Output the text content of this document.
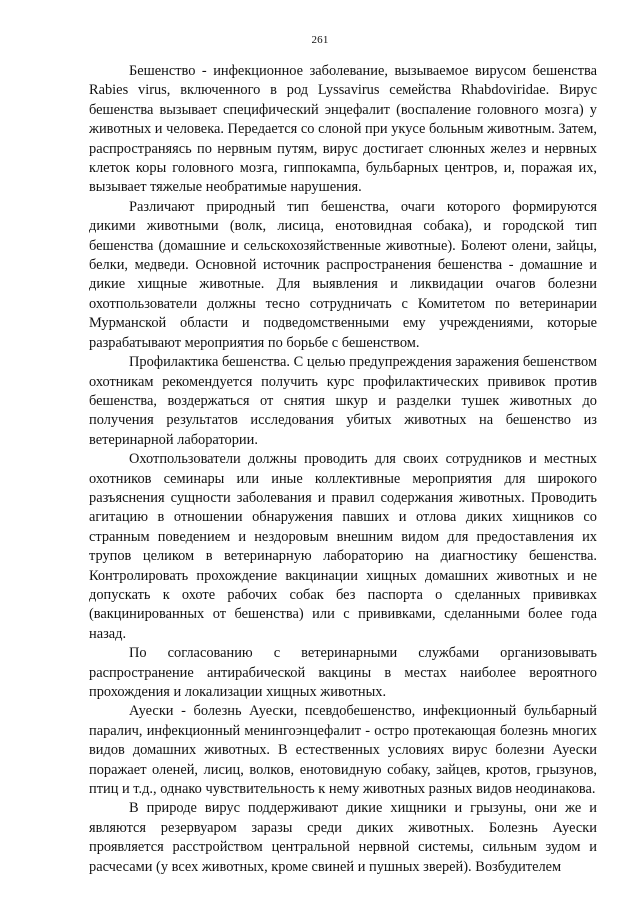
261

Бешенство - инфекционное заболевание, вызываемое вирусом бешенства Rabies virus, включенного в род Lyssavirus семейства Rhabdoviridae. Вирус бешенства вызывает специфический энцефалит (воспаление головного мозга) у животных и человека. Передается со слоной при укусе больным животным. Затем, распространяясь по нервным путям, вирус достигает слюнных желез и нервных клеток коры головного мозга, гиппокампа, бульбарных центров, и, поражая их, вызывает тяжелые необратимые нарушения.

Различают природный тип бешенства, очаги которого формируются дикими животными (волк, лисица, енотовидная собака), и городской тип бешенства (домашние и сельскохозяйственные животные). Болеют олени, зайцы, белки, медведи. Основной источник распространения бешенства - домашние и дикие хищные животные. Для выявления и ликвидации очагов болезни охотпользователи должны тесно сотрудничать с Комитетом по ветеринарии Мурманской области и подведомственными ему учреждениями, которые разрабатывают мероприятия по борьбе с бешенством.

Профилактика бешенства. С целью предупреждения заражения бешенством охотникам рекомендуется получить курс профилактических прививок против бешенства, воздержаться от снятия шкур и разделки тушек животных до получения результатов исследования убитых животных на бешенство из ветеринарной лаборатории.

Охотпользователи должны проводить для своих сотрудников и местных охотников семинары или иные коллективные мероприятия для широкого разъяснения сущности заболевания и правил содержания животных. Проводить агитацию в отношении обнаружения павших и отлова диких хищников со странным поведением и нездоровым внешним видом для предоставления их трупов целиком в ветеринарную лабораторию на диагностику бешенства. Контролировать прохождение вакцинации хищных домашних животных и не допускать к охоте рабочих собак без паспорта о сделанных прививках (вакцинированных от бешенства) или с прививками, сделанными более года назад.

По согласованию с ветеринарными службами организовывать распространение антирабической вакцины в местах наиболее вероятного прохождения и локализации хищных животных.

Ауески - болезнь Ауески, псевдобешенство, инфекционный бульбарный паралич, инфекционный менингоэнцефалит - остро протекающая болезнь многих видов домашних животных. В естественных условиях вирус болезни Ауески поражает оленей, лисиц, волков, енотовидную собаку, зайцев, кротов, грызунов, птиц и т.д., однако чувствительность к нему животных разных видов неодинакова.

В природе вирус поддерживают дикие хищники и грызуны, они же и являются резервуаром заразы среди диких животных. Болезнь Ауески проявляется расстройством центральной нервной системы, сильным зудом и расчесами (у всех животных, кроме свиней и пушных зверей). Возбудителем
